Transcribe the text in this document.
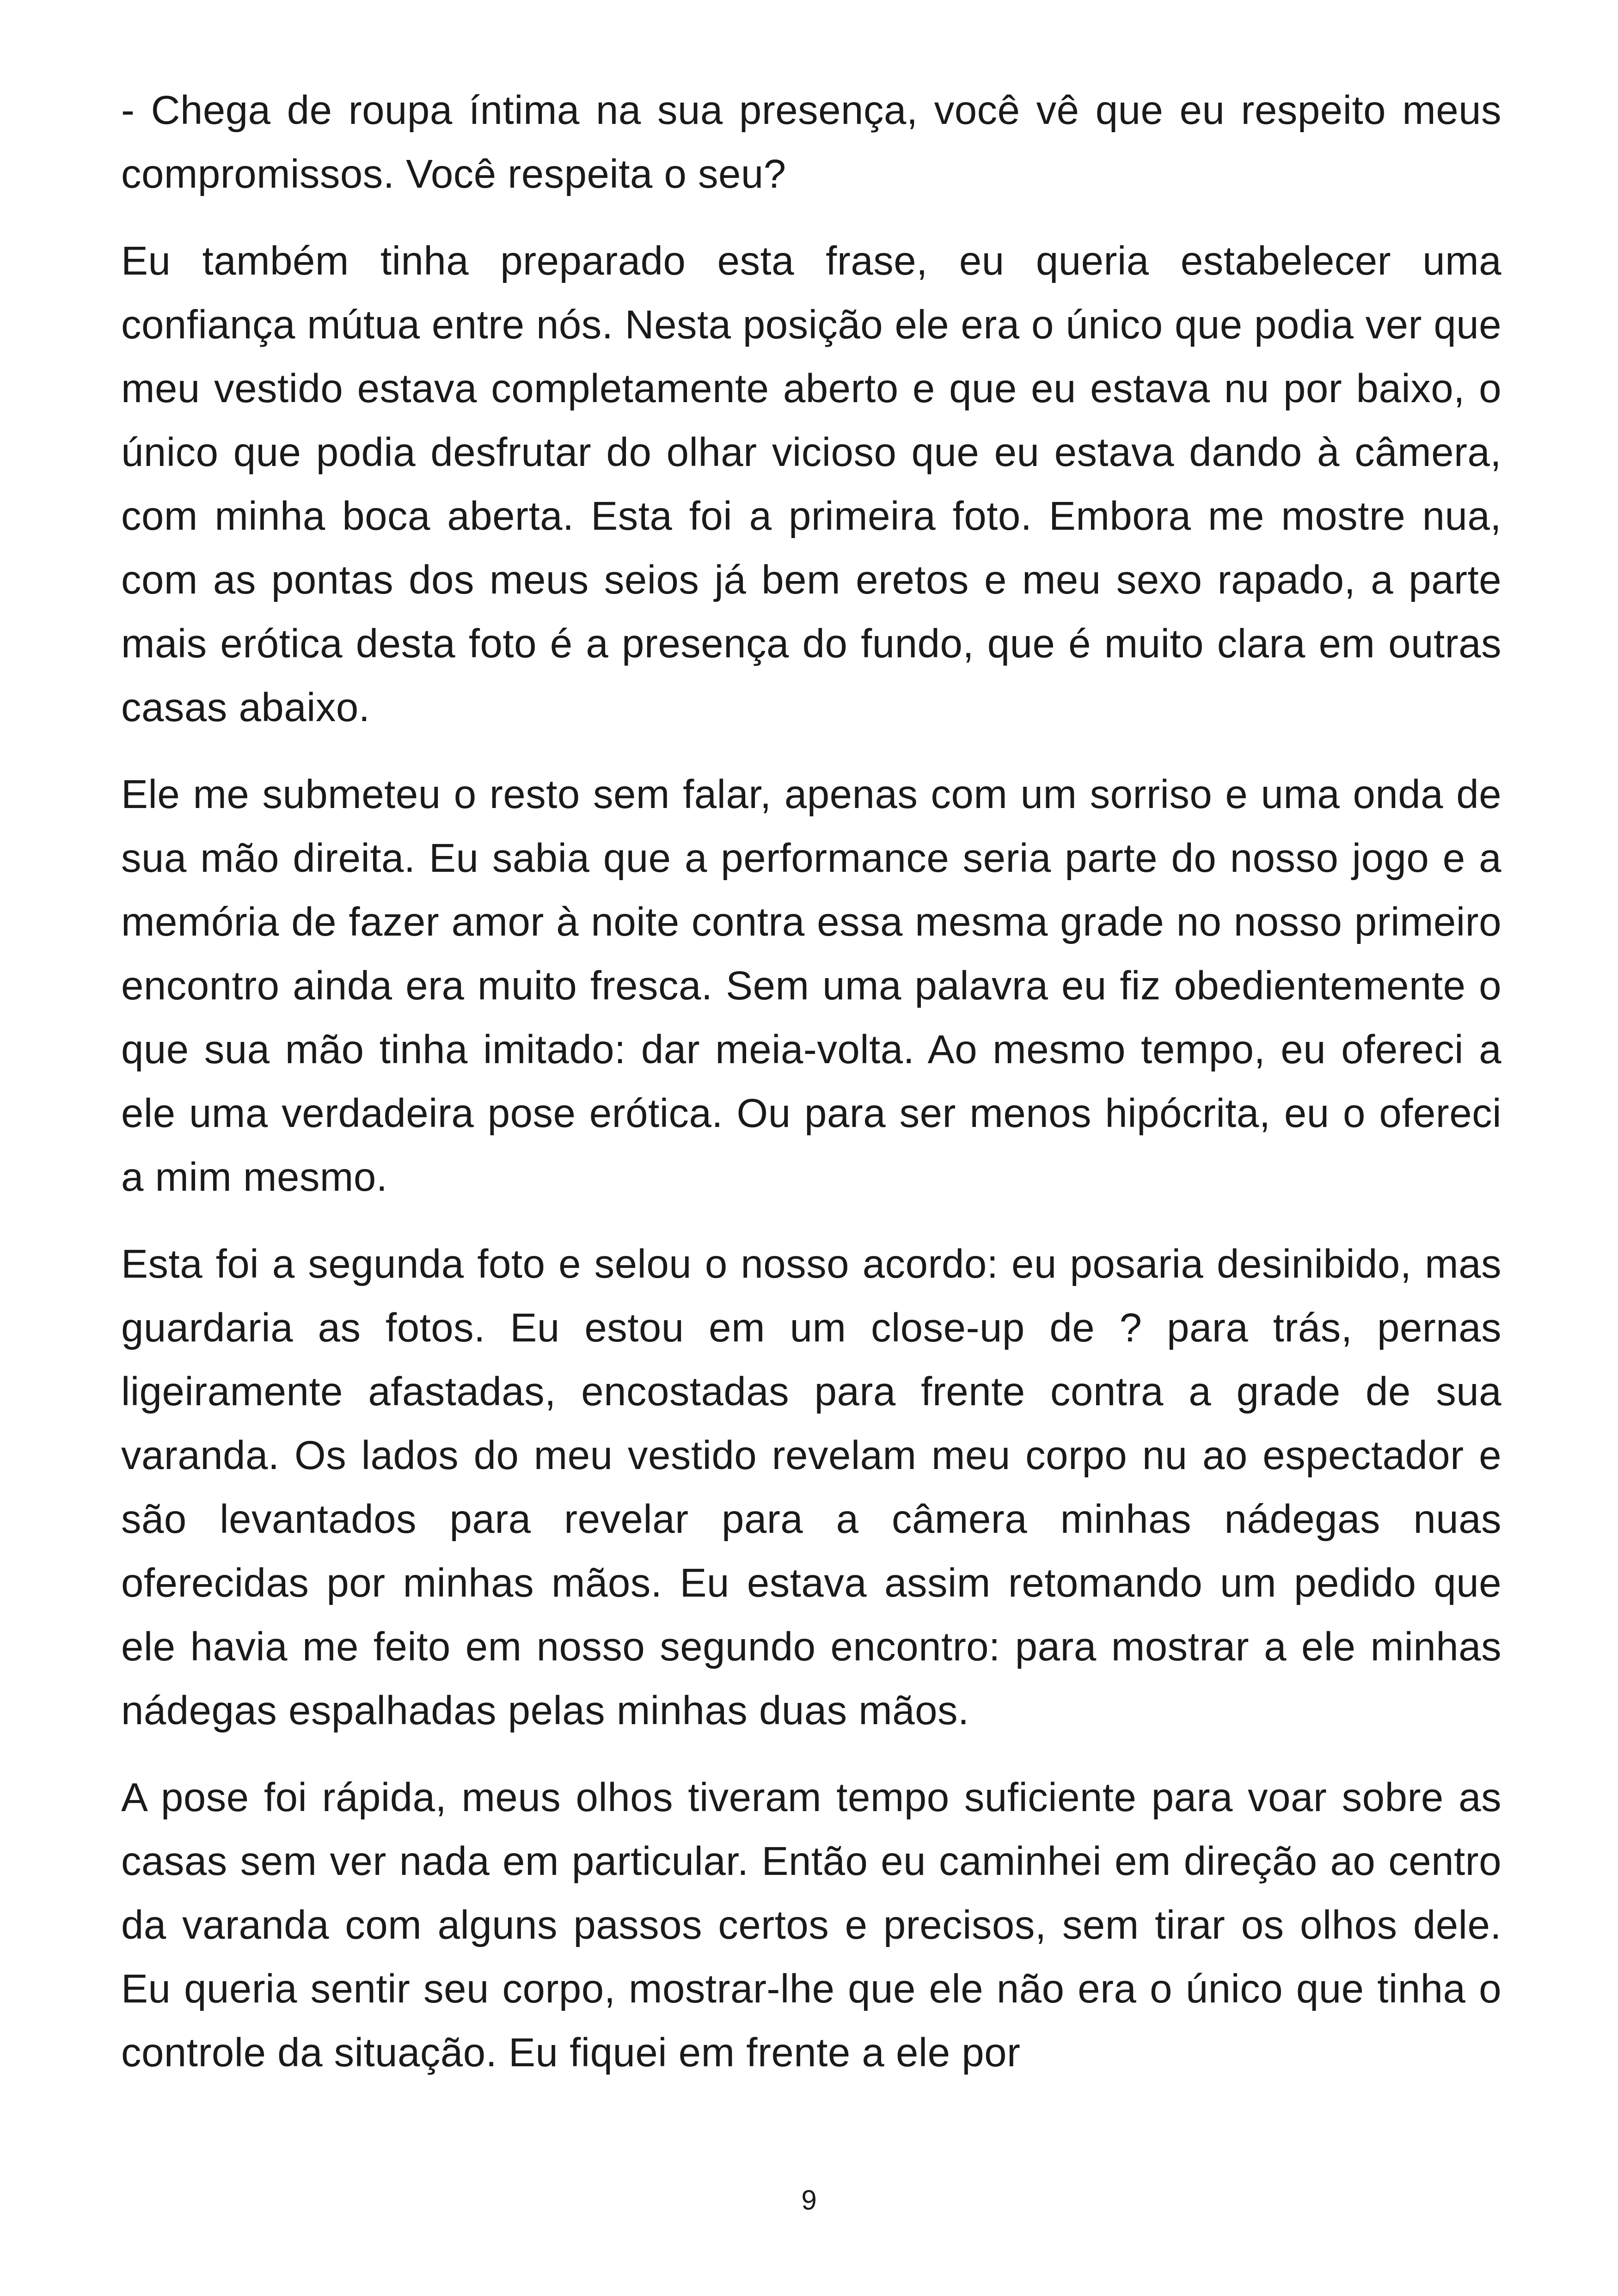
- Chega de roupa íntima na sua presença, você vê que eu respeito meus compromissos. Você respeita o seu?

Eu também tinha preparado esta frase, eu queria estabelecer uma confiança mútua entre nós. Nesta posição ele era o único que podia ver que meu vestido estava completamente aberto e que eu estava nu por baixo, o único que podia desfrutar do olhar vicioso que eu estava dando à câmera, com minha boca aberta. Esta foi a primeira foto. Embora me mostre nua, com as pontas dos meus seios já bem eretos e meu sexo rapado, a parte mais erótica desta foto é a presença do fundo, que é muito clara em outras casas abaixo.

Ele me submeteu o resto sem falar, apenas com um sorriso e uma onda de sua mão direita. Eu sabia que a performance seria parte do nosso jogo e a memória de fazer amor à noite contra essa mesma grade no nosso primeiro encontro ainda era muito fresca. Sem uma palavra eu fiz obedientemente o que sua mão tinha imitado: dar meia-volta. Ao mesmo tempo, eu ofereci a ele uma verdadeira pose erótica. Ou para ser menos hipócrita, eu o ofereci a mim mesmo.

Esta foi a segunda foto e selou o nosso acordo: eu posaria desinibido, mas guardaria as fotos. Eu estou em um close-up de ? para trás, pernas ligeiramente afastadas, encostadas para frente contra a grade de sua varanda. Os lados do meu vestido revelam meu corpo nu ao espectador e são levantados para revelar para a câmera minhas nádegas nuas oferecidas por minhas mãos. Eu estava assim retomando um pedido que ele havia me feito em nosso segundo encontro: para mostrar a ele minhas nádegas espalhadas pelas minhas duas mãos.

A pose foi rápida, meus olhos tiveram tempo suficiente para voar sobre as casas sem ver nada em particular. Então eu caminhei em direção ao centro da varanda com alguns passos certos e precisos, sem tirar os olhos dele. Eu queria sentir seu corpo, mostrar-lhe que ele não era o único que tinha o controle da situação. Eu fiquei em frente a ele por

9
